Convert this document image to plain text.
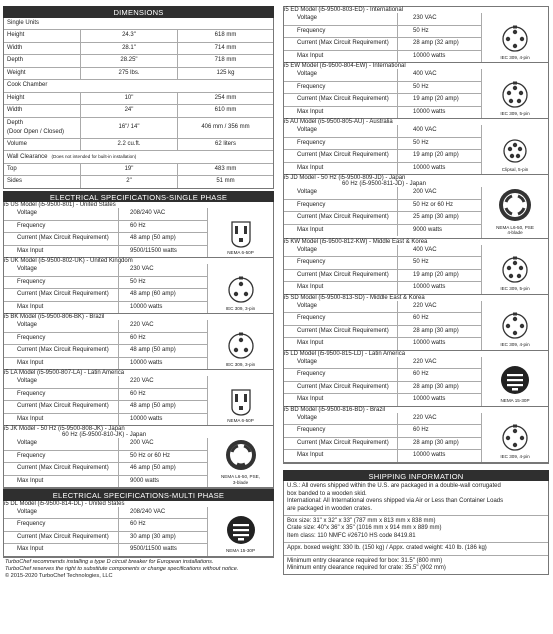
DIMENSIONS
Single Units
Height	24.3"	618 mm
Width	28.1"	714 mm
Depth	28.25"	718 mm
Weight	275 lbs.	125 kg
Cook Chamber
Height	10"	254 mm
Width	24"	610 mm
Depth
(Door Open / Closed)
16"/ 14"	406 mm / 356 mm
Volume	2.2 cu.ft.	62 liters
Wall Clearance (Does not intended for built-in installation)
Top	19"	483 mm
Sides	2"	51 mm
ELECTRICAL SPECIFICATIONS-SINGLE PHASE
i5 US Model (i5-9500-801) - United States
Voltage	208/240 VAC
Frequency	60 Hz
Current (Max Circuit Requirement)	48 amp (50 amp)
Max Input	9500/11500 watts	NEMA 6-50P
i5 UK Model (i5-9500-802-UK) - United Kingdom
Voltage	230 VAC
Frequency	50 Hz
Current (Max Circuit Requirement)	48 amp (60 amp)
Max Input	10000 watts	IEC 309, 3-pin
i5 BK Model (i5-9500-806-BK) - Brazil
Voltage	220 VAC
Frequency	60 Hz
Current (Max Circuit Requirement)	48 amp (50 amp)
Max Input	10000 watts	IEC 309, 3-pin
i5 LA Model (i5-9500-807-LA) - Latin America
Voltage	220 VAC
Frequency	60 Hz
Current (Max Circuit Requirement)	48 amp (50 amp)
Max Input	10000 watts	NEMA 6-50P
i5 JK Model - 50 Hz (i5-9500-808-JK) - Japan
60 Hz (i5-9500-810-JK) - Japan
Voltage	200 VAC
Frequency	50 Hz or 60 Hz
Current (Max Circuit Requirement)	46 amp (50 amp)
Max Input	9000 watts
NEMA L6-50, PSE,
3-blade
ELECTRICAL SPECIFICATIONS-MULTI PHASE
i5 DL Model (i5-9500-814-DL) - United States
Voltage	208/240 VAC
Frequency	60 Hz
Current (Max Circuit Requirement)	30 amp (30 amp)
Max Input	9500/11500 watts	NEMA 15-30P
TurboChef recommends installing a type D circuit breaker for European installations.
TurboChef reserves the right to substitute components or change specifications without notice.
© 2015-2020 TurboChef Technologies, LLC
i5 ED Model (i5-9500-803-ED) - International
Voltage	230 VAC
Frequency	50 Hz
Current (Max Circuit Requirement)	28 amp (32 amp)
Max Input	10000 watts	IEC 309, 4-pin
i5 EW Model (i5-9500-804-EW) - International
Voltage	400 VAC
Frequency	50 Hz
Current (Max Circuit Requirement)	19 amp (20 amp)
Max Input	10000 watts	IEC 309, 5-pin
i5 AU Model (i5-9500-805-AU) - Australia
Voltage	400 VAC
Frequency	50 Hz
Current (Max Circuit Requirement)	19 amp (20 amp)
Max Input	10000 watts	Clipsal, 5-pin
i5 JD Model - 50 Hz (i5-9500-809-JD) - Japan
60 Hz (i5-9500-811-JD) - Japan
Voltage	200 VAC
Frequency	50 Hz or 60 Hz
Current (Max Circuit Requirement)	25 amp (30 amp)
Max Input	9000 watts	NEMA L6-50, PSE
4-blade
i5 KW Model (i5-9500-812-KW) - Middle East & Korea
Voltage	400 VAC
Frequency	50 Hz
Current (Max Circuit Requirement)	19 amp (20 amp)
Max Input	10000 watts	IEC 309, 5-pin
i5 SD Model (i5-9500-813-SD) - Middle East & Korea
Voltage	220 VAC
Frequency	60 Hz
Current (Max Circuit Requirement)	28 amp (30 amp)
Max Input	10000 watts	IEC 309, 4-pin
i5 LD Model (i5-9500-815-LD) - Latin America
Voltage	220 VAC
Frequency	60 Hz
Current (Max Circuit Requirement)	28 amp (30 amp)
Max Input	10000 watts	NEMA 15-30P
i5 BD Model (i5-9500-816-BD) - Brazil
Voltage	220 VAC
Frequency	60 Hz
Current (Max Circuit Requirement)	28 amp (30 amp)
Max Input	10000 watts	IEC 309, 4-pin
SHIPPING INFORMATION
U.S.: All ovens shipped within the U.S. are packaged in a double-wall corrugated
box banded to a wooden skid.
International: All International ovens shipped via Air or Less than Container Loads
are packaged in wooden crates.
Box size: 31" x 32" x 33" (787 mm x 813 mm x 838 mm)
Crate size: 40"x 36" x 35" (1016 mm x 914 mm x 889 mm)
Item class: 110 NMFC #26710 HS code 8419.81
Appx. boxed weight: 330 lb. (150 kg) / Appx. crated weight: 410 lb. (186 kg)
Minimum entry clearance required for box: 31.5" (800 mm)
Minimum entry clearance required for crate: 35.5" (902 mm)
